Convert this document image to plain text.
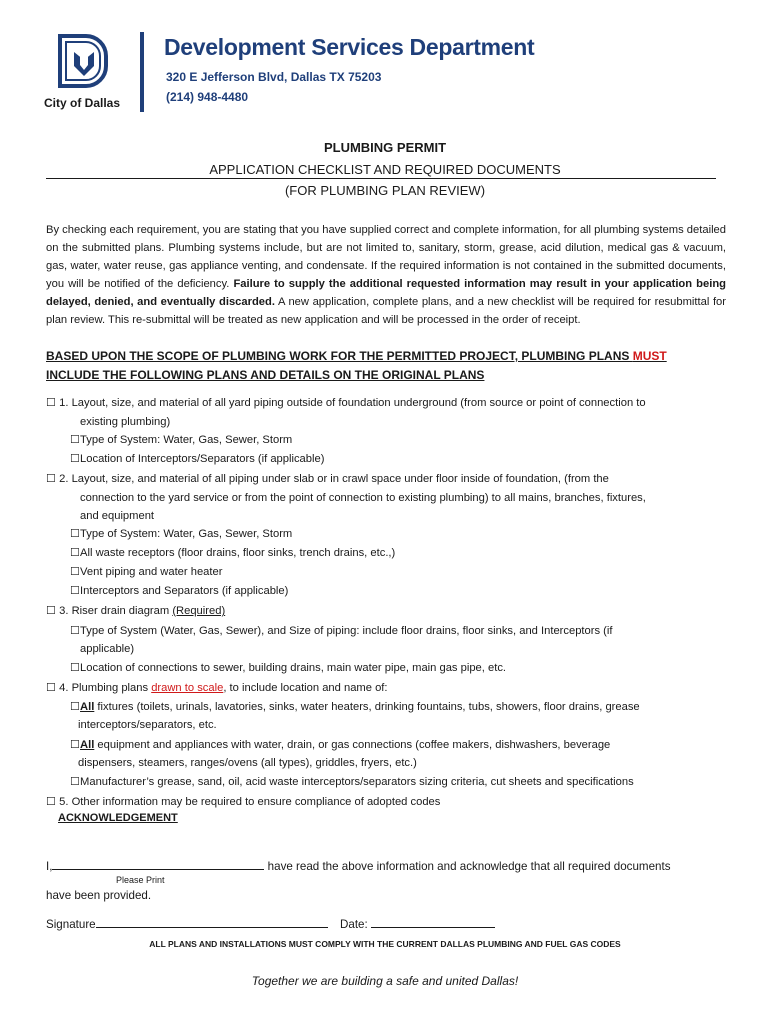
City of Dallas
Development Services Department
320 E Jefferson Blvd, Dallas TX 75203
(214) 948-4480
PLUMBING PERMIT
APPLICATION CHECKLIST AND REQUIRED DOCUMENTS
(FOR PLUMBING PLAN REVIEW)
By checking each requirement, you are stating that you have supplied correct and complete information, for all plumbing systems detailed on the submitted plans. Plumbing systems include, but are not limited to, sanitary, storm, grease, acid dilution, medical gas & vacuum, gas, water, water reuse, gas appliance venting, and condensate. If the required information is not contained in the submitted documents, you will be notified of the deficiency. Failure to supply the additional requested information may result in your application being delayed, denied, and eventually discarded. A new application, complete plans, and a new checklist will be required for resubmittal for plan review. This re-submittal will be treated as new application and will be processed in the order of receipt.
BASED UPON THE SCOPE OF PLUMBING WORK FOR THE PERMITTED PROJECT, PLUMBING PLANS MUST
INCLUDE THE FOLLOWING PLANS AND DETAILS ON THE ORIGINAL PLANS
☐ 1. Layout, size, and material of all yard piping outside of foundation underground (from source or point of connection to
existing plumbing)
☐Type of System: Water, Gas, Sewer, Storm
☐Location of Interceptors/Separators (if applicable)
☐ 2. Layout, size, and material of all piping under slab or in crawl space under floor inside of foundation, (from the
connection to the yard service or from the point of connection to existing plumbing) to all mains, branches, fixtures,
and equipment
☐Type of System: Water, Gas, Sewer, Storm
☐All waste receptors (floor drains, floor sinks, trench drains, etc.,)
☐Vent piping and water heater
☐Interceptors and Separators (if applicable)
☐ 3. Riser drain diagram (Required)
☐Type of System (Water, Gas, Sewer), and Size of piping: include floor drains, floor sinks, and Interceptors (if
applicable)
☐Location of connections to sewer, building drains, main water pipe, main gas pipe, etc.
☐ 4. Plumbing plans drawn to scale, to include location and name of:
☐All fixtures (toilets, urinals, lavatories, sinks, water heaters, drinking fountains, tubs, showers, floor drains, grease
interceptors/separators, etc.
☐All equipment and appliances with water, drain, or gas connections (coffee makers, dishwashers, beverage
dispensers, steamers, ranges/ovens (all types), griddles, fryers, etc.)
☐Manufacturer’s grease, sand, oil, acid waste interceptors/separators sizing criteria, cut sheets and specifications
☐ 5. Other information may be required to ensure compliance of adopted codes
ACKNOWLEDGEMENT
I,	have read the above information and acknowledge that all required documents
Please Print
have been provided.
Signature	Date:
ALL PLANS AND INSTALLATIONS MUST COMPLY WITH THE CURRENT DALLAS PLUMBING AND FUEL GAS CODES
Together we are building a safe and united Dallas!
